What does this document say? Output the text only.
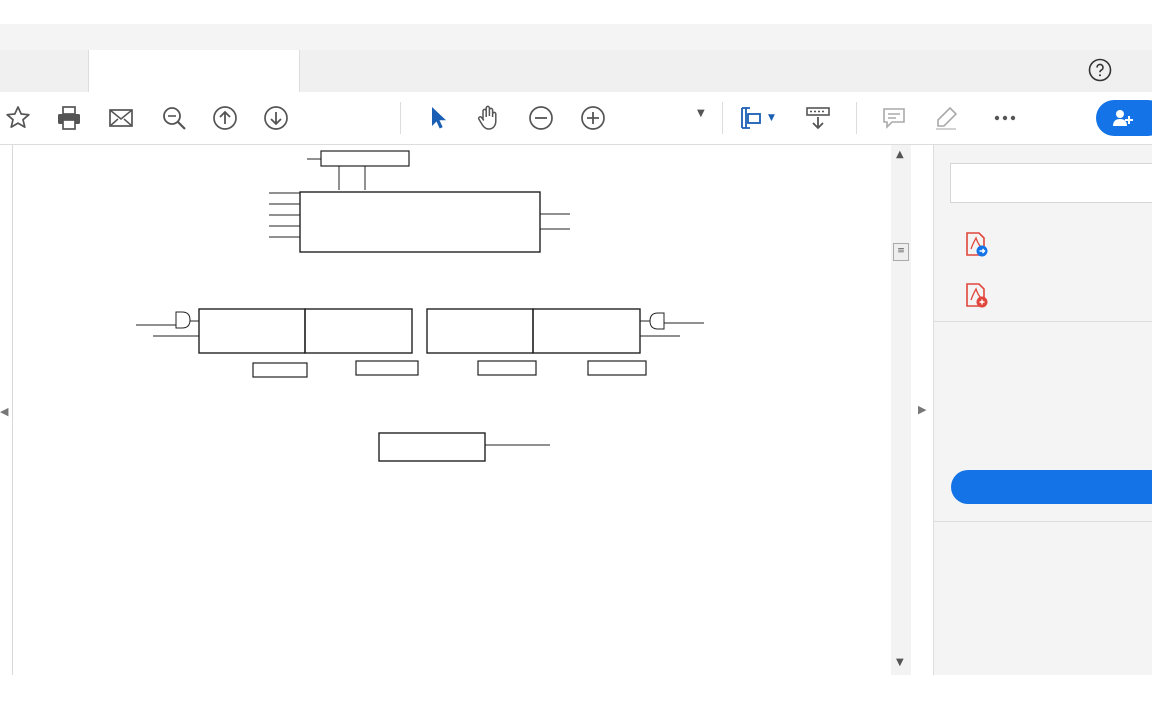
▼	▼
◀
▲
≡
▼
▶
